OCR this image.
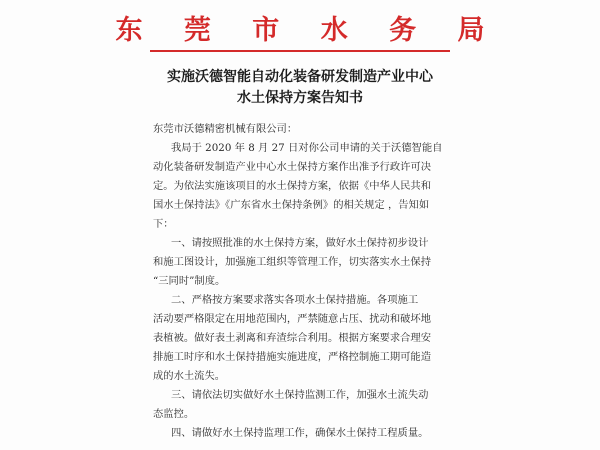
东 莞 市 水 务 局
实施沃德智能自动化装备研发制造产业中心
水土保持方案告知书
东莞市沃德精密机械有限公司：
我局于 2020 年 8 月 27 日对你公司申请的关于沃德智能自
动化装备研发制造产业中心水土保持方案作出准予行政许可决
定。为依法实施该项目的水土保持方案，依据《中华人民共和
国水土保持法》《广东省水土保持条例》的相关规定 ，告知如
下：
一、请按照批准的水土保持方案，做好水土保持初步设计
和施工图设计，加强施工组织等管理工作，切实落实水土保持
“三同时”制度。
二、严格按方案要求落实各项水土保持措施。各项施工
活动要严格限定在用地范围内，严禁随意占压、扰动和破坏地
表植被。做好表土剥离和弃渣综合利用。根据方案要求合理安
排施工时序和水土保持措施实施进度，严格控制施工期可能造
成的水土流失。
三、请依法切实做好水土保持监测工作，加强水土流失动
态监控。
四、请做好水土保持监理工作，确保水土保持工程质量。
